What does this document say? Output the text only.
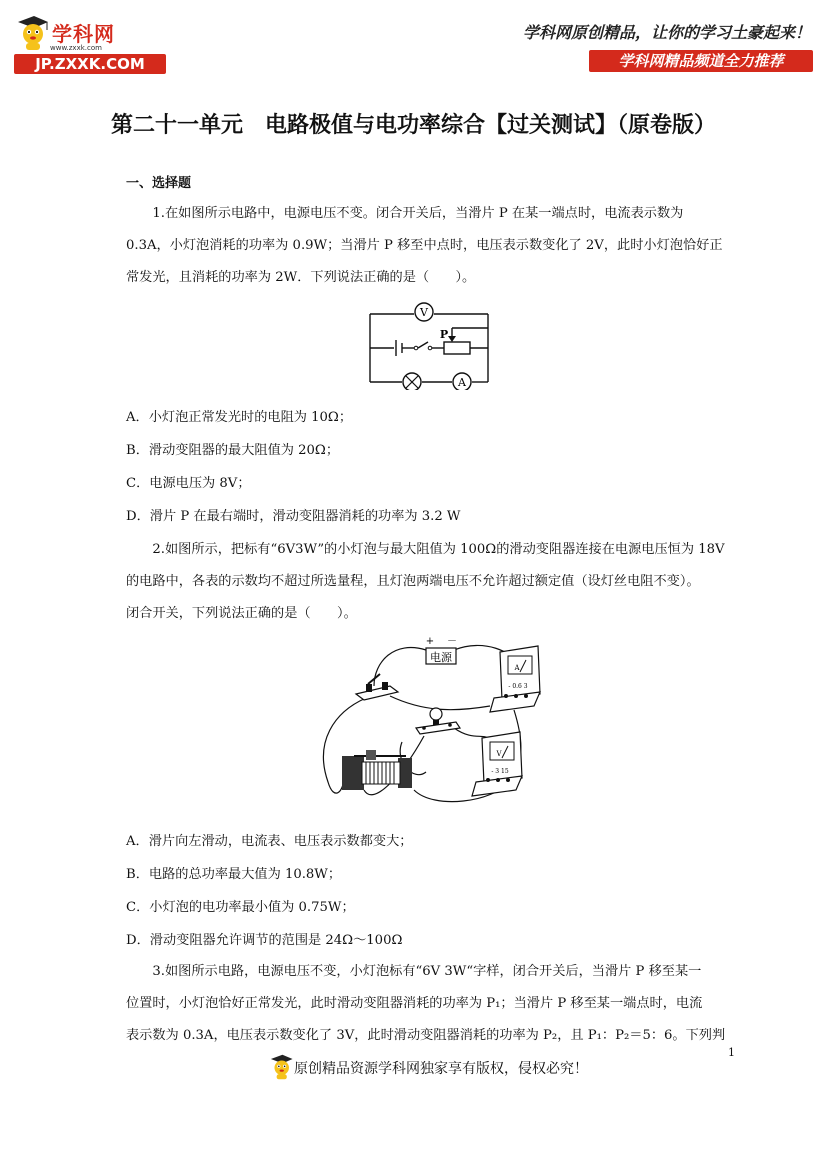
学科网
www.zxxk.com
JP.ZXXK.COM
学科网原创精品，让你的学习土豪起来！
学科网精品频道全力推荐
第二十一单元　电路极值与电功率综合【过关测试】（原卷版）
一、选择题
1.在如图所示电路中，电源电压不变。闭合开关后，当滑片 P 在某一端点时，电流表示数为
0.3A，小灯泡消耗的功率为 0.9W；当滑片 P 移至中点时，电压表示数变化了 2V，此时小灯泡恰好正
常发光，且消耗的功率为 2W．下列说法正确的是（　　）。
V
P
A
A．小灯泡正常发光时的电阻为 10Ω；
B．滑动变阻器的最大阻值为 20Ω；
C．电源电压为 8V；
D．滑片 P 在最右端时，滑动变阻器消耗的功率为 3.2 W
2.如图所示，把标有“6V3W”的小灯泡与最大阻值为 100Ω的滑动变阻器连接在电源电压恒为 18V
的电路中，各表的示数均不超过所选量程，且灯泡两端电压不允许超过额定值（设灯丝电阻不变）。
闭合开关，下列说法正确的是（　　）。
电源
+ －
A
- 0.6 3
V
- 3 15
A．滑片向左滑动，电流表、电压表示数都变大；
B．电路的总功率最大值为 10.8W；
C．小灯泡的电功率最小值为 0.75W；
D．滑动变阻器允许调节的范围是 24Ω～100Ω
3.如图所示电路，电源电压不变，小灯泡标有“6V 3W“字样，闭合开关后，当滑片 P 移至某一
位置时，小灯泡恰好正常发光，此时滑动变阻器消耗的功率为 P₁；当滑片 P 移至某一端点时，电流
表示数为 0.3A，电压表示数变化了 3V，此时滑动变阻器消耗的功率为 P₂，且 P₁：P₂＝5：6。下列判
1
原创精品资源学科网独家享有版权，侵权必究！
